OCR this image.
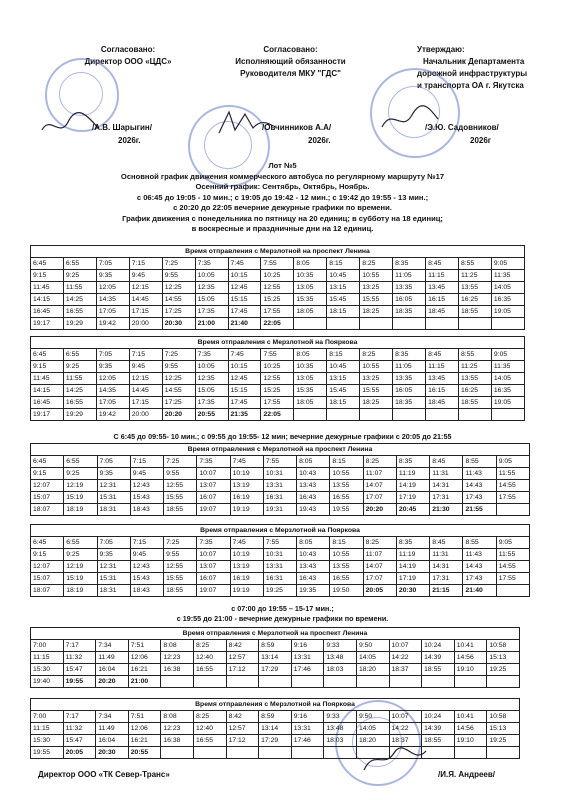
Согласовано:
Директор ООО «ЦДС»
Согласовано:
Исполняющий обязанности
Руководителя МКУ "ГДС"
Утверждаю:
Начальник Департамента
дорожной инфраструктуры
и транспорта ОА г. Якутска
/А.В. Шарыгин/
2026г.
/Овчинников А.А/
2026г.
/Э.Ю. Садовников/
2026г
Лот №5
Основной график движения коммерческого автобуса по регулярному маршруту №17
Осенний график: Сентябрь, Октябрь, Ноябрь.
с 06:45 до 19:05 - 10 мин.; с 19:05 до 19:42 - 12 мин.; с 19:42 до 19:55 - 13 мин.;
с 20:20 до 22:05 вечерние дежурные графики по времени.
График движения с понедельника по пятницу на 20 единиц; в субботу на 18 единиц;
в воскресные и праздничные дни на 12 единиц.
Время отправления с Мерзлотной на проспект Ленина														
6:45	6:55	7:05	7:15	7:25	7:35	7:45	7:55	8:05	8:15	8:25	8:35	8:45	8:55	9:05
9:15	9:25	9:35	9:45	9:55	10:05	10:15	10:25	10:35	10:45	10:55	11:05	11:15	11:25	11:35
11:45	11:55	12:05	12:15	12:25	12:35	12:45	12:55	13:05	13:15	13:25	13:35	13:45	13:55	14:05
14:15	14:25	14:35	14:45	14:55	15:05	15:15	15:25	15:35	15:45	15:55	16:05	16:15	16:25	16:35
16:45	16:55	17:05	17:15	17:25	17:35	17:45	17:55	18:05	18:15	18:25	18:35	18:45	18:55	19:05
19:17	19:29	19:42	20:00	20:30	21:00	21:40	22:05							
Время отправления с Мерзлотной на Пояркова														
6:45	6:55	7:05	7:15	7:25	7:35	7:45	7:55	8:05	8:15	8:25	8:35	8:45	8:55	9:05
9:15	9:25	9:35	9:45	9:55	10:05	10:15	10:25	10:35	10:45	10:55	11:05	11:15	11:25	11:35
11:45	11:55	12:05	12:15	12:25	12:35	12:45	12:55	13:05	13:15	13:25	13:35	13:45	13:55	14:05
14:15	14:25	14:35	14:45	14:55	15:05	15:15	15:25	15:35	15:45	15:55	16:05	16:15	16:25	16:35
16:45	16:55	17:05	17:15	17:25	17:35	17:45	17:55	18:05	18:15	18:25	18:35	18:45	18:55	19:05
19:17	19:29	19:42	20:00	20:20	20:55	21:35	22:05							
С 6:45 до 09:55- 10 мин.; с 09:55 до 19:55- 12 мин; вечерние дежурные графики с 20:05 до 21:55
Время отправления с Мерзлотной на проспект Ленина														
6:45	6:55	7:05	7:15	7:25	7:35	7:45	7:55	8:05	8:15	8:25	8:35	8:45	8:55	9:05
9:15	9:25	9:35	9:45	9:55	10:07	10:19	10:31	10:43	10:55	11:07	11:19	11:31	11:43	11:55
12:07	12:19	12:31	12:43	12:55	13:07	13:19	13:31	13:43	13:55	14:07	14:19	14:31	14:43	14:55
15:07	15:19	15:31	15:43	15:55	16:07	16:19	16:31	16:43	16:55	17:07	17:19	17:31	17:43	17:55
18:07	18:19	18:31	18:43	18:55	19:07	19:19	19:31	19:43	19:55	20:20	20:45	21:30	21:55	
Время отправления с Мерзлотной на Пояркова														
6:45	6:55	7:05	7:15	7:25	7:35	7:45	7:55	8:05	8:15	8:25	8:35	8:45	8:55	9:05
9:15	9:25	9:35	9:45	9:55	10:07	10:19	10:31	10:43	10:55	11:07	11:19	11:31	11:43	11:55
12:07	12:19	12:31	12:43	12:55	13:07	13:19	13:31	13:43	13:55	14:07	14:19	14:31	14:43	14:55
15:07	15:19	15:31	15:43	15:55	16:07	16:19	16:31	16:43	16:55	17:07	17:19	17:31	17:43	17:55
18:07	18:19	18:31	18:43	18:55	19:07	19:19	19:25	19:35	19:50	20:05	20:30	21:15	21:40	
с 07:00 до 19:55 – 15-17 мин.;
с 19:55 до 21:00 - вечерние дежурные графики по времени.
Время отправления с Мерзлотной на проспект Ленина														
7:00	7:17	7:34	7:51	8:08	8:25	8:42	8:59	9:16	9:33	9:50	10:07	10:24	10:41	10:58
11:15	11:32	11:49	12:06	12:23	12:40	12:57	13:14	13:31	13:48	14:05	14:22	14:39	14:56	15:13
15:30	15:47	16:04	16:21	16:38	16:55	17:12	17:29	17:46	18:03	18:20	18:37	18:55	19:10	19:25
19:40	19:55	20:20	21:00											
Время отправления с Мерзлотной на Пояркова														
7:00	7:17	7:34	7:51	8:08	8:25	8:42	8:59	9:16	9:33	9:50	10:07	10:24	10:41	10:58
11:15	11:32	11:49	12:06	12:23	12:40	12:57	13:14	13:31	13:48	14:05	14:22	14:39	14:56	15:13
15:30	15:47	16:04	16:21	16:38	16:55	17:12	17:29	17:46	18:03	18:20	18:37	18:55	19:10	19:25
19:55	20:05	20:30	20:55											
Директор ООО «ТК Север-Транс»	/И.Я. Андреев/
